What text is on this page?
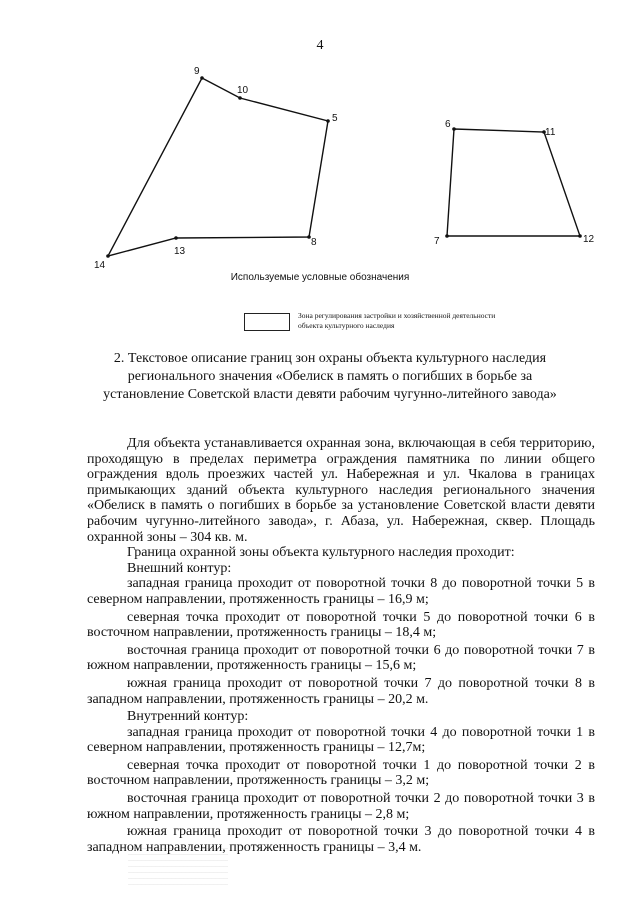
4
9
10
5
8
13
14
6
11
12
7
Используемые условные обозначения
Зона регулирования застройки и хозяйственной деятельности объекта культурного наследия
2. Текстовое описание границ зон охраны объекта культурного наследия регионального значения «Обелиск в память о погибших в борьбе за установление Советской власти девяти рабочим чугунно-литейного завода»

Для объекта устанавливается охранная зона, включающая в себя территорию, проходящую в пределах периметра ограждения памятника по линии общего ограждения вдоль проезжих частей ул. Набережная и ул. Чкалова в границах примыкающих зданий объекта культурного наследия регионального значения «Обелиск в память о погибших в борьбе за установление Советской власти девяти рабочим чугунно-литейного завода», г. Абаза, ул. Набережная, сквер. Площадь охранной зоны – 304 кв. м.

Граница охранной зоны объекта культурного наследия проходит:

Внешний контур:

западная граница проходит от поворотной точки 8 до поворотной точки 5 в северном направлении, протяженность границы – 16,9 м;

северная точка проходит от поворотной точки 5 до поворотной точки 6 в восточном направлении, протяженность границы – 18,4 м;

восточная граница проходит от поворотной точки 6 до поворотной точки 7 в южном направлении, протяженность границы – 15,6 м;

южная граница проходит от поворотной точки 7 до поворотной точки 8 в западном направлении, протяженность границы – 20,2 м.

Внутренний контур:

западная граница проходит от поворотной точки 4 до поворотной точки 1 в северном направлении, протяженность границы – 12,7м;

северная точка проходит от поворотной точки 1 до поворотной точки 2 в восточном направлении, протяженность границы – 3,2 м;

восточная граница проходит от поворотной точки 2 до поворотной точки 3 в южном направлении, протяженность границы – 2,8 м;

южная граница проходит от поворотной точки 3 до поворотной точки 4 в западном направлении, протяженность границы – 3,4 м.
